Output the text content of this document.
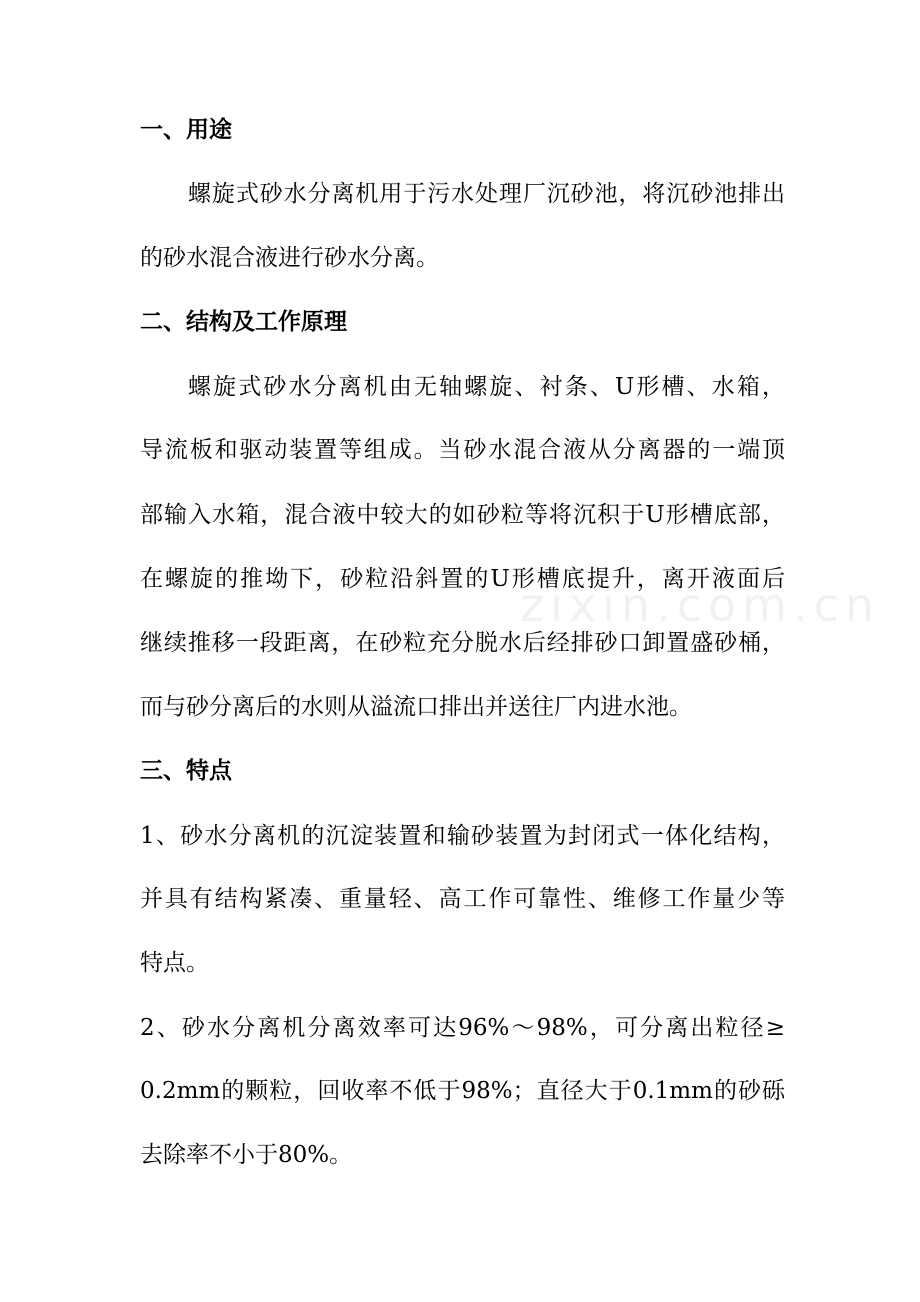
zixin.com.cn
一、用途
螺旋式砂水分离机用于污水处理厂沉砂池，将沉砂池排出
的砂水混合液进行砂水分离。
二、结构及工作原理
螺旋式砂水分离机由无轴螺旋、衬条、U形槽、水箱，
导流板和驱动装置等组成。当砂水混合液从分离器的一端顶
部输入水箱，混合液中较大的如砂粒等将沉积于U形槽底部，
在螺旋的推坳下，砂粒沿斜置的U形槽底提升，离开液面后
继续推移一段距离，在砂粒充分脱水后经排砂口卸置盛砂桶，
而与砂分离后的水则从溢流口排出并送往厂内进水池。
三、特点
1、砂水分离机的沉淀装置和输砂装置为封闭式一体化结构，
并具有结构紧凑、重量轻、高工作可靠性、维修工作量少等
特点。
2、砂水分离机分离效率可达96%～98%，可分离出粒径≥
0.2mm的颗粒，回收率不低于98%；直径大于0.1mm的砂砾
去除率不小于80%。
